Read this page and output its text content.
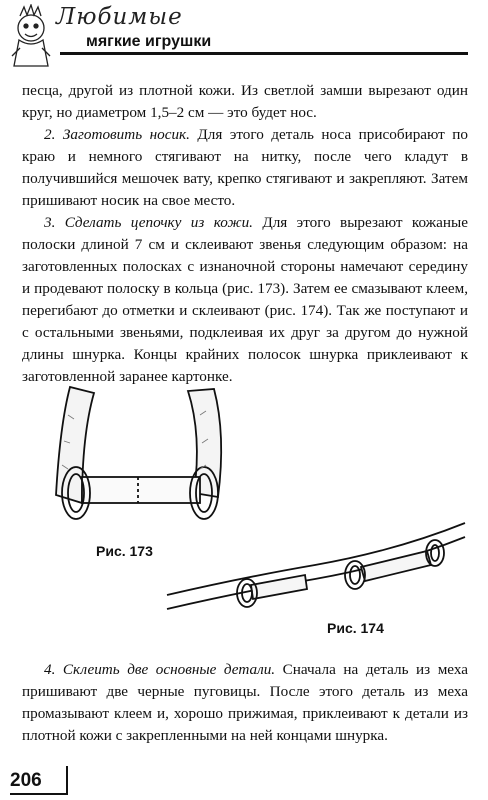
Любимые
мягкие игрушки

песца, другой из плотной кожи. Из светлой замши вырезают один круг, но диаметром 1,5–2 см — это будет нос.

2. Заготовить носик. Для этого деталь носа присобирают по краю и немного стягивают на нитку, после чего кладут в получившийся мешочек вату, крепко стягивают и закрепляют. Затем пришивают носик на свое место.

3. Сделать цепочку из кожи. Для этого вырезают кожаные полоски длиной 7 см и склеивают звенья следующим образом: на заготовленных полосках с изнаночной стороны намечают середину и продевают полоску в кольца (рис. 173). Затем ее смазывают клеем, перегибают до отметки и склеивают (рис. 174). Так же поступают и с остальными звеньями, подклеивая их друг за другом до нужной длины шнурка. Концы крайних полосок шнурка приклеивают к заготовленной заранее картонке.

Рис. 173
Рис. 174

4. Склеить две основные детали. Сначала на деталь из меха пришивают две черные пуговицы. После этого деталь из меха промазывают клеем и, хорошо прижимая, приклеивают к детали из плотной кожи с закрепленными на ней концами шнурка.

206
